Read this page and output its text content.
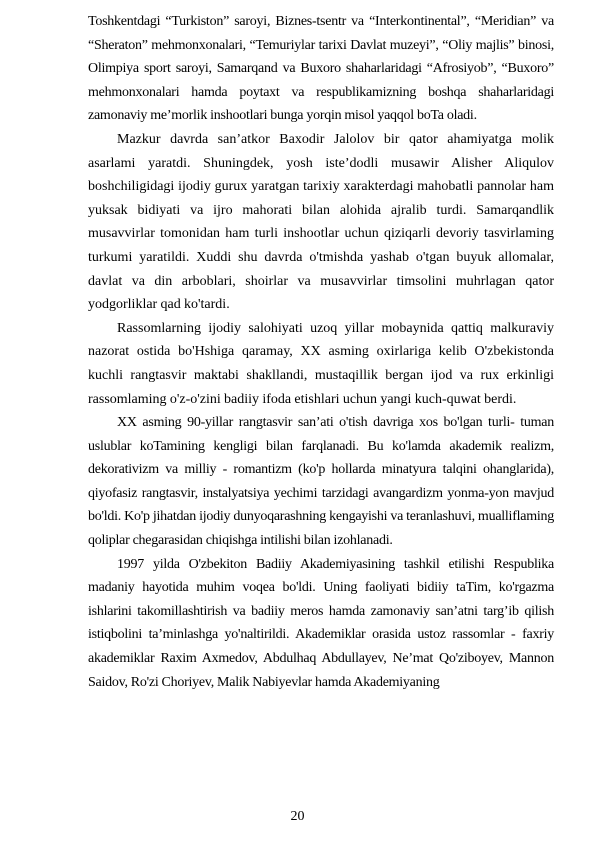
Toshkentdagi “Turkiston” saroyi, Biznes-tsentr va “Interkontinental”, “Meridian” va “Sheraton” mehmonxonalari, “Temuriylar tarixi Davlat muzeyi”, “Oliy majlis” binosi, Olimpiya sport saroyi, Samarqand va Buxoro shaharlaridagi “Afrosiyob”, “Buxoro” mehmonxonalari hamda poytaxt va respublikamizning boshqa shaharlaridagi zamonaviy me’morlik inshootlari bunga yorqin misol yaqqol boTa oladi.

Mazkur davrda san’atkor Baxodir Jalolov bir qator ahamiyatga molik asarlami yaratdi. Shuningdek, yosh iste’dodli musawir Alisher Aliqulov boshchiligidagi ijodiy gurux yaratgan tarixiy xarakterdagi mahobatli pannolar ham yuksak bidiyati va ijro mahorati bilan alohida ajralib turdi. Samarqandlik musavvirlar tomonidan ham turli inshootlar uchun qiziqarli devoriy tasvirlaming turkumi yaratildi. Xuddi shu davrda o'tmishda yashab o'tgan buyuk allomalar, davlat va din arboblari, shoirlar va musavvirlar timsolini muhrlagan qator yodgorliklar qad ko'tardi.

Rassomlarning ijodiy salohiyati uzoq yillar mobaynida qattiq malkuraviy nazorat ostida bo'Hshiga qaramay, XX asming oxirlariga kelib O'zbekistonda kuchli rangtasvir maktabi shakllandi, mustaqillik bergan ijod va rux erkinligi rassomlaming o'z-o'zini badiiy ifoda etishlari uchun yangi kuch-quwat berdi.

XX asming 90-yillar rangtasvir san’ati o'tish davriga xos bo'lgan turli- tuman uslublar koTamining kengligi bilan farqlanadi. Bu ko'lamda akademik realizm, dekorativizm va milliy - romantizm (ko'p hollarda minatyura talqini ohanglarida), qiyofasiz rangtasvir, instalyatsiya yechimi tarzidagi avangardizm yonma-yon mavjud bo'ldi. Ko'p jihatdan ijodiy dunyoqarashning kengayishi va teranlashuvi, mualliflaming qoliplar chegarasidan chiqishga intilishi bilan izohlanadi.

1997 yilda O'zbekiton Badiiy Akademiyasining tashkil etilishi Respublika madaniy hayotida muhim voqea bo'ldi. Uning faoliyati bidiiy taTim, ko'rgazma ishlarini takomillashtirish va badiiy meros hamda zamonaviy san’atni targ’ib qilish istiqbolini ta’minlashga yo'naltirildi. Akademiklar orasida ustoz rassomlar - faxriy akademiklar Raxim Axmedov, Abdulhaq Abdullayev, Ne’mat Qo'ziboyev, Mannon Saidov, Ro'zi Choriyev, Malik Nabiyevlar hamda Akademiyaning

20
